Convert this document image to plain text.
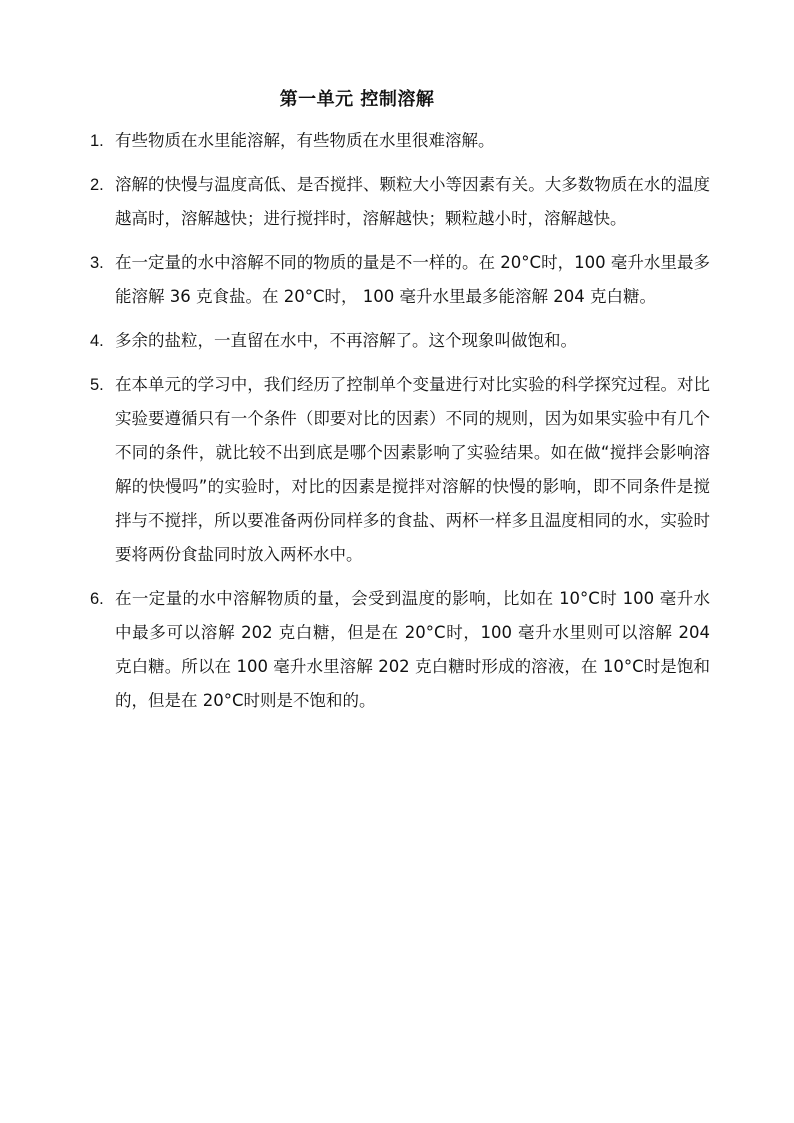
第一单元 控制溶解
1. 有些物质在水里能溶解，有些物质在水里很难溶解。
2. 溶解的快慢与温度高低、是否搅拌、颗粒大小等因素有关。大多数物质在水的温度越高时，溶解越快；进行搅拌时，溶解越快；颗粒越小时，溶解越快。
3. 在一定量的水中溶解不同的物质的量是不一样的。在 20°C时，100 毫升水里最多能溶解 36 克食盐。在 20°C时， 100 毫升水里最多能溶解 204 克白糖。
4. 多余的盐粒，一直留在水中，不再溶解了。这个现象叫做饱和。
5. 在本单元的学习中，我们经历了控制单个变量进行对比实验的科学探究过程。对比实验要遵循只有一个条件（即要对比的因素）不同的规则，因为如果实验中有几个不同的条件，就比较不出到底是哪个因素影响了实验结果。如在做“搅拌会影响溶解的快慢吗”的实验时，对比的因素是搅拌对溶解的快慢的影响，即不同条件是搅拌与不搅拌，所以要准备两份同样多的食盐、两杯一样多且温度相同的水，实验时要将两份食盐同时放入两杯水中。
6. 在一定量的水中溶解物质的量，会受到温度的影响，比如在 10°C时 100 毫升水中最多可以溶解 202 克白糖，但是在 20°C时，100 毫升水里则可以溶解 204 克白糖。所以在 100 毫升水里溶解 202 克白糖时形成的溶液，在 10°C时是饱和的，但是在 20°C时则是不饱和的。
